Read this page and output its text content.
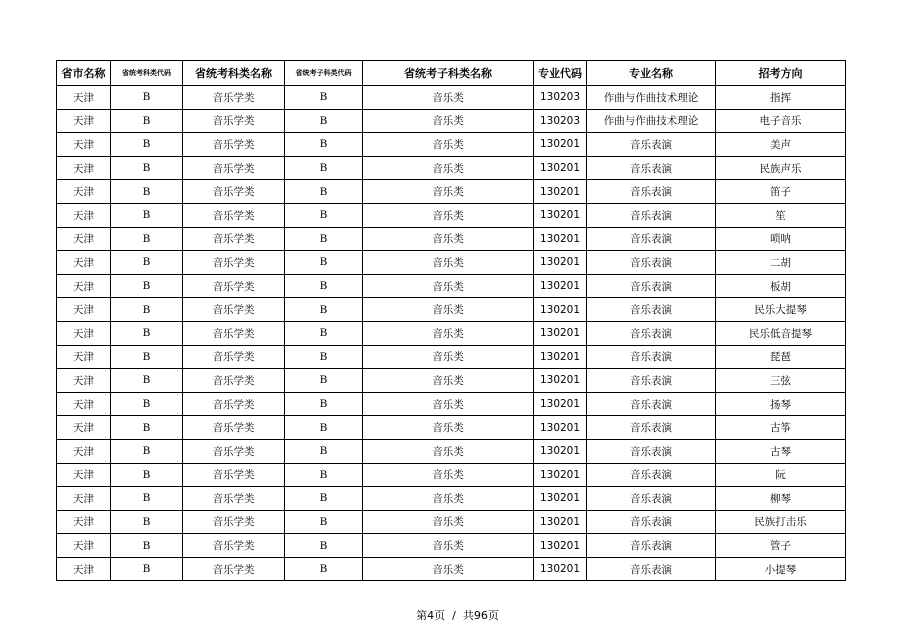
省市名称	省统考科类代码	省统考科类名称	省统考子科类代码	省统考子科类名称	专业代码	专业名称	招考方向
天津	B	音乐学类	B	音乐类	130203	作曲与作曲技术理论	指挥
天津	B	音乐学类	B	音乐类	130203	作曲与作曲技术理论	电子音乐
天津	B	音乐学类	B	音乐类	130201	音乐表演	美声
天津	B	音乐学类	B	音乐类	130201	音乐表演	民族声乐
天津	B	音乐学类	B	音乐类	130201	音乐表演	笛子
天津	B	音乐学类	B	音乐类	130201	音乐表演	笙
天津	B	音乐学类	B	音乐类	130201	音乐表演	唢呐
天津	B	音乐学类	B	音乐类	130201	音乐表演	二胡
天津	B	音乐学类	B	音乐类	130201	音乐表演	板胡
天津	B	音乐学类	B	音乐类	130201	音乐表演	民乐大提琴
天津	B	音乐学类	B	音乐类	130201	音乐表演	民乐低音提琴
天津	B	音乐学类	B	音乐类	130201	音乐表演	琵琶
天津	B	音乐学类	B	音乐类	130201	音乐表演	三弦
天津	B	音乐学类	B	音乐类	130201	音乐表演	扬琴
天津	B	音乐学类	B	音乐类	130201	音乐表演	古筝
天津	B	音乐学类	B	音乐类	130201	音乐表演	古琴
天津	B	音乐学类	B	音乐类	130201	音乐表演	阮
天津	B	音乐学类	B	音乐类	130201	音乐表演	柳琴
天津	B	音乐学类	B	音乐类	130201	音乐表演	民族打击乐
天津	B	音乐学类	B	音乐类	130201	音乐表演	管子
天津	B	音乐学类	B	音乐类	130201	音乐表演	小提琴
第4页 / 共96页
